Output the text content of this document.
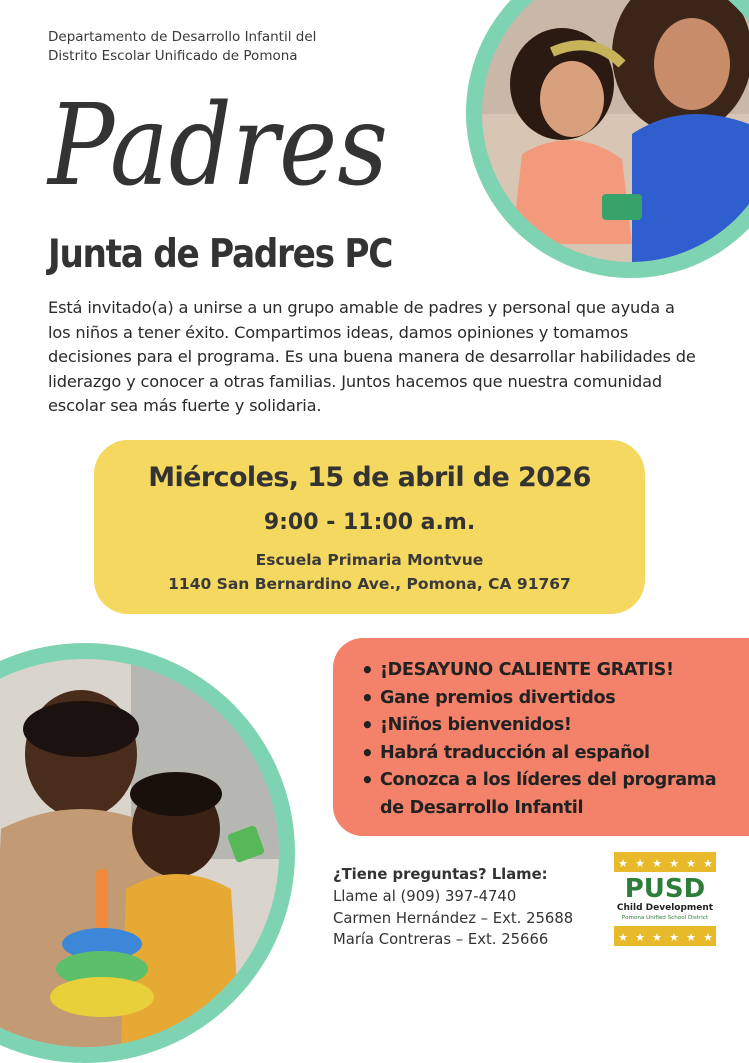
Departamento de Desarrollo Infantil del
Distrito Escolar Unificado de Pomona
Padres
Junta de Padres PC
Está invitado(a) a unirse a un grupo amable de padres y personal que ayuda a los niños a tener éxito. Compartimos ideas, damos opiniones y tomamos decisiones para el programa. Es una buena manera de desarrollar habilidades de liderazgo y conocer a otras familias. Juntos hacemos que nuestra comunidad escolar sea más fuerte y solidaria.
Miércoles, 15 de abril de 2026
9:00 - 11:00 a.m.
Escuela Primaria Montvue
1140 San Bernardino Ave., Pomona, CA 91767
• ¡DESAYUNO CALIENTE GRATIS!
• Gane premios divertidos
• ¡Niños bienvenidos!
• Habrá traducción al español
• Conozca a los líderes del programa de Desarrollo Infantil
¿Tiene preguntas? Llame:
Llame al (909) 397-4740
Carmen Hernández – Ext. 25688
María Contreras – Ext. 25666
★ ★ ★ ★ ★ ★
PUSD
Child Development
Pomona Unified School District
★ ★ ★ ★ ★ ★
